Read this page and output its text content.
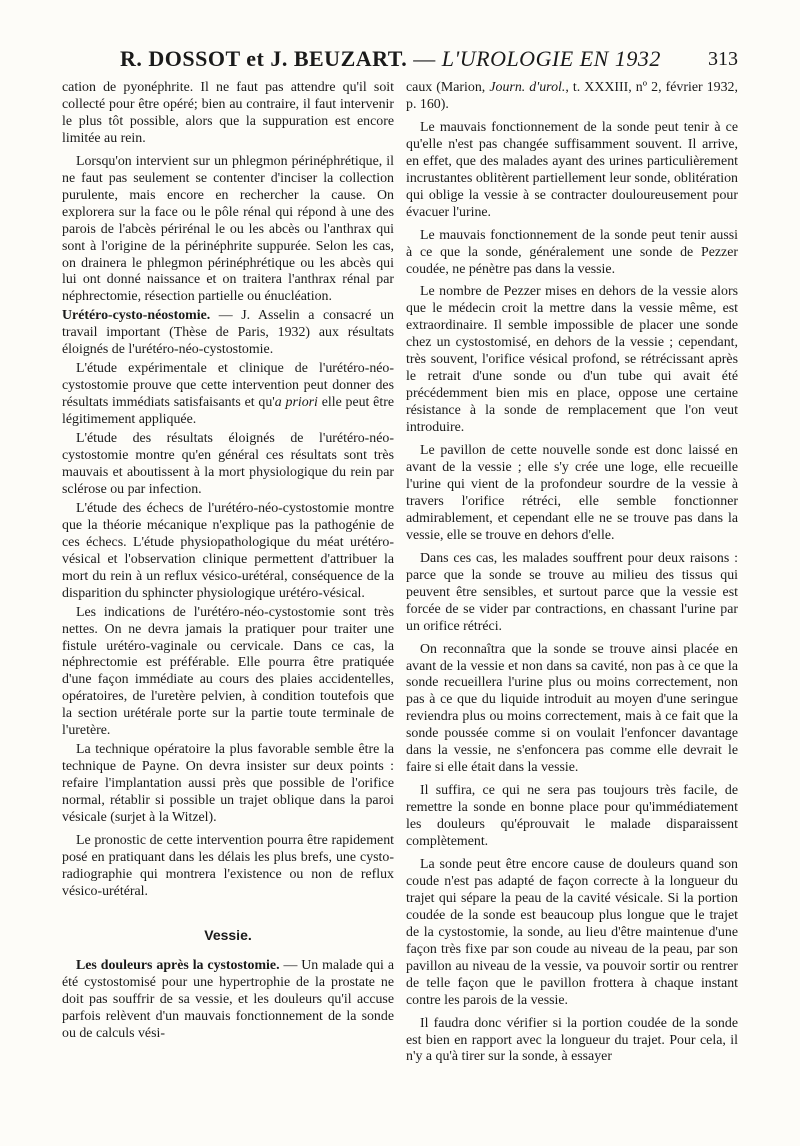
R. DOSSOT et J. BEUZART. — L'UROLOGIE EN 1932 313

cation de pyonéphrite. Il ne faut pas attendre qu'il soit collecté pour être opéré; bien au contraire, il faut intervenir le plus tôt possible, alors que la suppuration est encore limitée au rein.

Lorsqu'on intervient sur un phlegmon périnéphrétique, il ne faut pas seulement se contenter d'inciser la collection purulente, mais encore en rechercher la cause. On explorera sur la face ou le pôle rénal qui répond à une des parois de l'abcès périrénal le ou les abcès ou l'anthrax qui sont à l'origine de la périnéphrite suppurée. Selon les cas, on drainera le phlegmon périnéphrétique ou les abcès qui lui ont donné naissance et on traitera l'anthrax rénal par néphrectomie, résection partielle ou énucléation.

Urétéro-cysto-néostomie. — J. Asselin a consacré un travail important (Thèse de Paris, 1932) aux résultats éloignés de l'urétéro-néo-cystostomie.

L'étude expérimentale et clinique de l'urétéro-néo-cystostomie prouve que cette intervention peut donner des résultats immédiats satisfaisants et qu'a priori elle peut être légitimement appliquée.

L'étude des résultats éloignés de l'urétéro-néo-cystostomie montre qu'en général ces résultats sont très mauvais et aboutissent à la mort physiologique du rein par sclérose ou par infection.

L'étude des échecs de l'urétéro-néo-cystostomie montre que la théorie mécanique n'explique pas la pathogénie de ces échecs. L'étude physiopathologique du méat urétéro-vésical et l'observation clinique permettent d'attribuer la mort du rein à un reflux vésico-urétéral, conséquence de la disparition du sphincter physiologique urétéro-vésical.

Les indications de l'urétéro-néo-cystostomie sont très nettes. On ne devra jamais la pratiquer pour traiter une fistule urétéro-vaginale ou cervicale. Dans ce cas, la néphrectomie est préférable. Elle pourra être pratiquée d'une façon immédiate au cours des plaies accidentelles, opératoires, de l'uretère pelvien, à condition toutefois que la section urétérale porte sur la partie toute terminale de l'uretère.

La technique opératoire la plus favorable semble être la technique de Payne. On devra insister sur deux points : refaire l'implantation aussi près que possible de l'orifice normal, rétablir si possible un trajet oblique dans la paroi vésicale (surjet à la Witzel).

Le pronostic de cette intervention pourra être rapidement posé en pratiquant dans les délais les plus brefs, une cysto-radiographie qui montrera l'existence ou non de reflux vésico-urétéral.

Vessie.

Les douleurs après la cystostomie. — Un malade qui a été cystostomisé pour une hypertrophie de la prostate ne doit pas souffrir de sa vessie, et les douleurs qu'il accuse parfois relèvent d'un mauvais fonctionnement de la sonde ou de calculs vési-

caux (Marion, Journ. d'urol., t. XXXIII, nº 2, février 1932, p. 160).

Le mauvais fonctionnement de la sonde peut tenir à ce qu'elle n'est pas changée suffisamment souvent. Il arrive, en effet, que des malades ayant des urines particulièrement incrustantes oblitèrent partiellement leur sonde, oblitération qui oblige la vessie à se contracter douloureusement pour évacuer l'urine.

Le mauvais fonctionnement de la sonde peut tenir aussi à ce que la sonde, généralement une sonde de Pezzer coudée, ne pénètre pas dans la vessie.

Le nombre de Pezzer mises en dehors de la vessie alors que le médecin croit la mettre dans la vessie même, est extraordinaire. Il semble impossible de placer une sonde chez un cystostomisé, en dehors de la vessie ; cependant, très souvent, l'orifice vésical profond, se rétrécissant après le retrait d'une sonde ou d'un tube qui avait été précédemment bien mis en place, oppose une certaine résistance à la sonde de remplacement que l'on veut introduire.

Le pavillon de cette nouvelle sonde est donc laissé en avant de la vessie ; elle s'y crée une loge, elle recueille l'urine qui vient de la profondeur sourdre de la vessie à travers l'orifice rétréci, elle semble fonctionner admirablement, et cependant elle ne se trouve pas dans la vessie, elle se trouve en dehors d'elle.

Dans ces cas, les malades souffrent pour deux raisons : parce que la sonde se trouve au milieu des tissus qui peuvent être sensibles, et surtout parce que la vessie est forcée de se vider par contractions, en chassant l'urine par un orifice rétréci.

On reconnaîtra que la sonde se trouve ainsi placée en avant de la vessie et non dans sa cavité, non pas à ce que la sonde recueillera l'urine plus ou moins correctement, non pas à ce que du liquide introduit au moyen d'une seringue reviendra plus ou moins correctement, mais à ce fait que la sonde poussée comme si on voulait l'enfoncer davantage dans la vessie, ne s'enfoncera pas comme elle devrait le faire si elle était dans la vessie.

Il suffira, ce qui ne sera pas toujours très facile, de remettre la sonde en bonne place pour qu'immédiatement les douleurs qu'éprouvait le malade disparaissent complètement.

La sonde peut être encore cause de douleurs quand son coude n'est pas adapté de façon correcte à la longueur du trajet qui sépare la peau de la cavité vésicale. Si la portion coudée de la sonde est beaucoup plus longue que le trajet de la cystostomie, la sonde, au lieu d'être maintenue d'une façon très fixe par son coude au niveau de la peau, par son pavillon au niveau de la vessie, va pouvoir sortir ou rentrer de telle façon que le pavillon frottera à chaque instant contre les parois de la vessie.

Il faudra donc vérifier si la portion coudée de la sonde est bien en rapport avec la longueur du trajet. Pour cela, il n'y a qu'à tirer sur la sonde, à essayer
